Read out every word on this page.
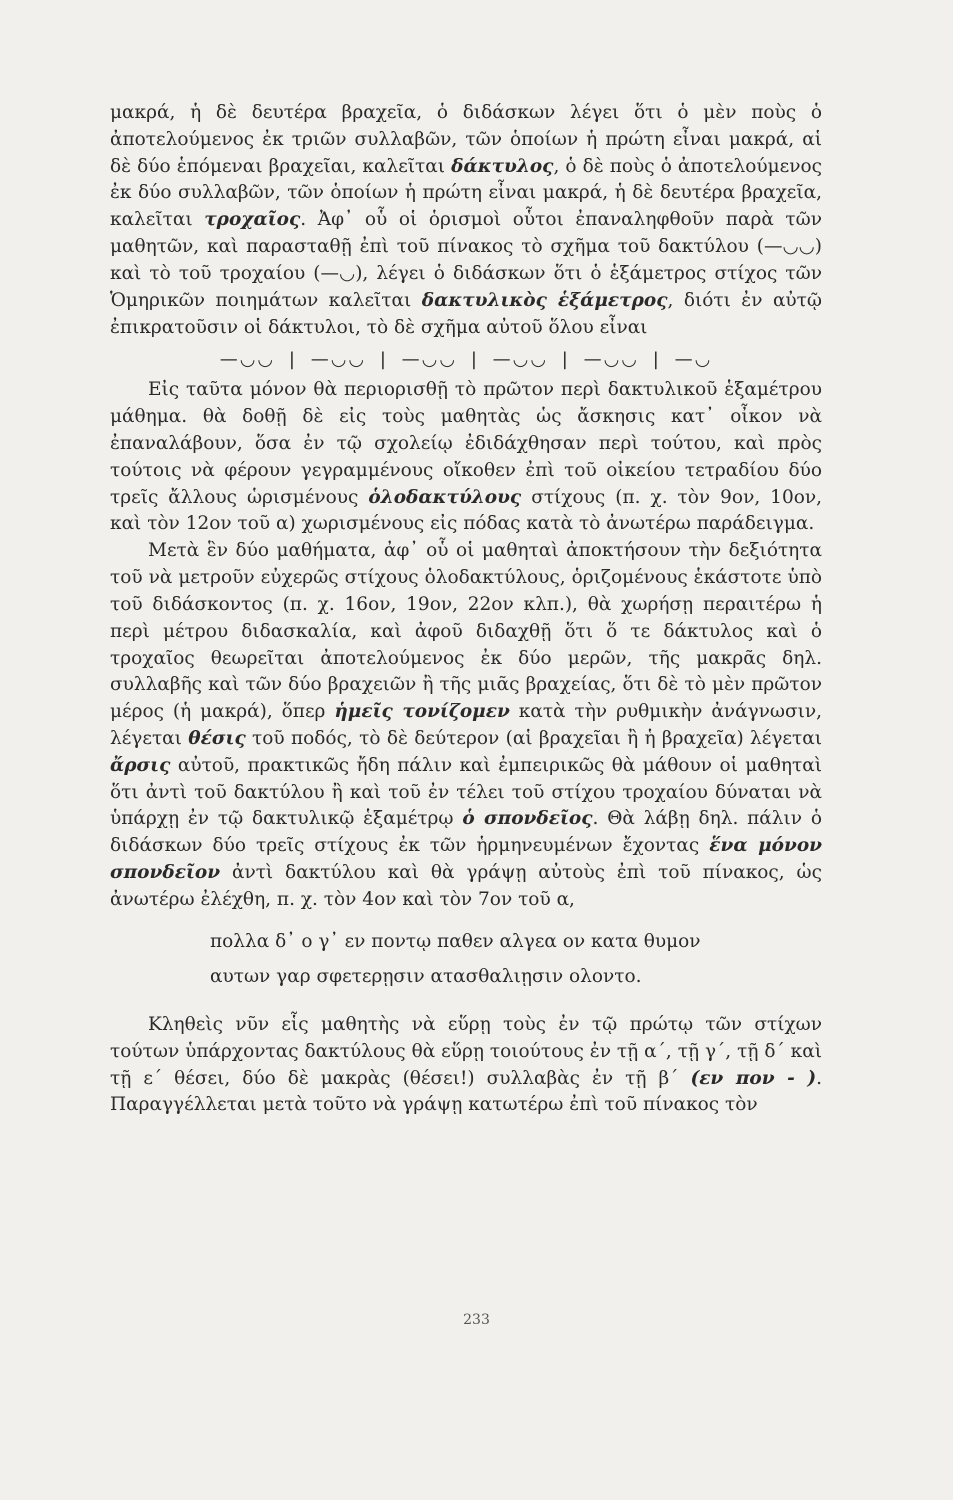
μακρά, ἡ δὲ δευτέρα βραχεῖα, ὁ διδάσκων λέγει ὅτι ὁ μὲν ποὺς ὁ ἀποτελούμενος ἐκ τριῶν συλλαβῶν, τῶν ὁποίων ἡ πρώτη εἶναι μακρά, αἱ δὲ δύο ἑπόμεναι βραχεῖαι, καλεῖται δάκτυλος, ὁ δὲ ποὺς ὁ ἀποτελούμενος ἐκ δύο συλλαβῶν, τῶν ὁποίων ἡ πρώτη εἶναι μακρά, ἡ δὲ δευτέρα βραχεῖα, καλεῖται τροχαῖος. Ἀφ᾿ οὗ οἱ ὁρισμοὶ οὗτοι ἐπαναληφθοῦν παρὰ τῶν μαθητῶν, καὶ παρασταθῇ ἐπὶ τοῦ πίνακος τὸ σχῆμα τοῦ δακτύλου (—◡◡) καὶ τὸ τοῦ τροχαίου (—◡), λέγει ὁ διδάσκων ὅτι ὁ ἑξάμετρος στίχος τῶν Ὁμηρικῶν ποιημάτων καλεῖται δακτυλικὸς ἑξάμετρος, διότι ἐν αὐτῷ ἐπικρατοῦσιν οἱ δάκτυλοι, τὸ δὲ σχῆμα αὐτοῦ ὅλου εἶναι

—◡◡ | —◡◡ | —◡◡ | —◡◡ | —◡◡ | —◡

Εἰς ταῦτα μόνον θὰ περιορισθῇ τὸ πρῶτον περὶ δακτυλικοῦ ἑξαμέτρου μάθημα. θὰ δοθῇ δὲ εἰς τοὺς μαθητὰς ὡς ἄσκησις κατ᾿ οἶκον νὰ ἐπαναλάβουν, ὅσα ἐν τῷ σχολείῳ ἐδιδάχθησαν περὶ τούτου, καὶ πρὸς τούτοις νὰ φέρουν γεγραμμένους οἴκοθεν ἐπὶ τοῦ οἰκείου τετραδίου δύο τρεῖς ἄλλους ὡρισμένους ὁλοδακτύλους στίχους (π. χ. τὸν 9ον, 10ον, καὶ τὸν 12ον τοῦ α) χωρισμένους εἰς πόδας κατὰ τὸ ἀνωτέρω παράδειγμα.

Μετὰ ἓν δύο μαθήματα, ἀφ᾿ οὗ οἱ μαθηταὶ ἀποκτήσουν τὴν δεξιότητα τοῦ νὰ μετροῦν εὐχερῶς στίχους ὁλοδακτύλους, ὁριζομένους ἑκάστοτε ὑπὸ τοῦ διδάσκοντος (π. χ. 16ον, 19ον, 22ον κλπ.), θὰ χωρήσῃ περαιτέρω ἡ περὶ μέτρου διδασκαλία, καὶ ἀφοῦ διδαχθῇ ὅτι ὅ τε δάκτυλος καὶ ὁ τροχαῖος θεωρεῖται ἀποτελούμενος ἐκ δύο μερῶν, τῆς μακρᾶς δηλ. συλλαβῆς καὶ τῶν δύο βραχειῶν ἢ τῆς μιᾶς βραχείας, ὅτι δὲ τὸ μὲν πρῶτον μέρος (ἡ μακρά), ὅπερ ἡμεῖς τονίζομεν κατὰ τὴν ρυθμικὴν ἀνάγνωσιν, λέγεται θέσις τοῦ ποδός, τὸ δὲ δεύτερον (αἱ βραχεῖαι ἢ ἡ βραχεῖα) λέγεται ἄρσις αὐτοῦ, πρακτικῶς ἤδη πάλιν καὶ ἐμπειρικῶς θὰ μάθουν οἱ μαθηταὶ ὅτι ἀντὶ τοῦ δακτύλου ἢ καὶ τοῦ ἐν τέλει τοῦ στίχου τροχαίου δύναται νὰ ὑπάρχῃ ἐν τῷ δακτυλικῷ ἑξαμέτρῳ ὁ σπονδεῖος. Θὰ λάβῃ δηλ. πάλιν ὁ διδάσκων δύο τρεῖς στίχους ἐκ τῶν ἡρμηνευμένων ἔχοντας ἕνα μόνον σπονδεῖον ἀντὶ δακτύλου καὶ θὰ γράψῃ αὐτοὺς ἐπὶ τοῦ πίνακος, ὡς ἀνωτέρω ἐλέχθη, π. χ. τὸν 4ον καὶ τὸν 7ον τοῦ α,

πολλα δ᾿ ο γ᾿ εν ποντῳ παθεν αλγεα ον κατα θυμον
αυτων γαρ σφετερῃσιν ατασθαλιῃσιν ολοντο.

Κληθεὶς νῦν εἷς μαθητὴς νὰ εὕρῃ τοὺς ἐν τῷ πρώτῳ τῶν στίχων τούτων ὑπάρχοντας δακτύλους θὰ εὕρῃ τοιούτους ἐν τῇ α΄, τῇ γ΄, τῇ δ΄ καὶ τῇ ε΄ θέσει, δύο δὲ μακρὰς (θέσει!) συλλαβὰς ἐν τῇ β΄ (εν πον - ). Παραγγέλλεται μετὰ τοῦτο νὰ γράψῃ κατωτέρω ἐπὶ τοῦ πίνακος τὸν

233
